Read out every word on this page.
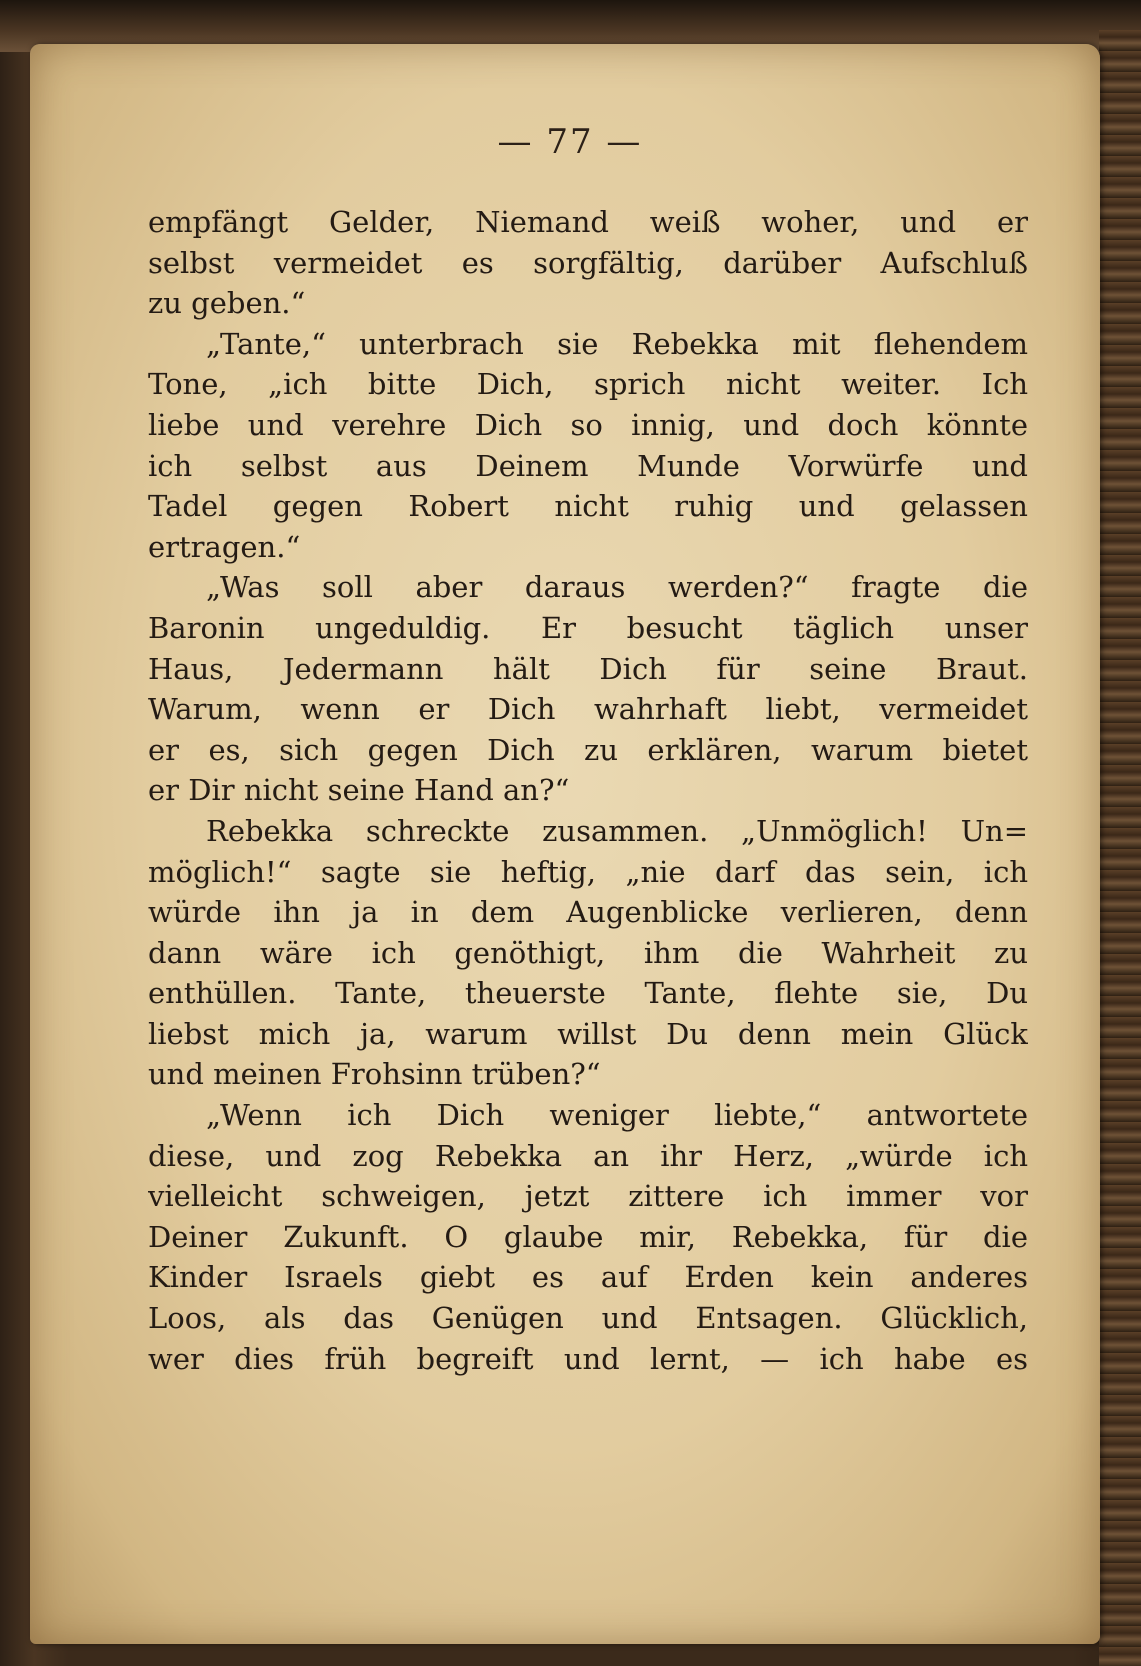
— 77 —
empfängt Gelder, Niemand weiß woher, und er
selbst vermeidet es sorgfältig, darüber Aufschluß
zu geben.“
„Tante,“ unterbrach sie Rebekka mit flehendem
Tone, „ich bitte Dich, sprich nicht weiter. Ich
liebe und verehre Dich so innig, und doch könnte
ich selbst aus Deinem Munde Vorwürfe und
Tadel gegen Robert nicht ruhig und gelassen
ertragen.“
„Was soll aber daraus werden?“ fragte die
Baronin ungeduldig. Er besucht täglich unser
Haus, Jedermann hält Dich für seine Braut.
Warum, wenn er Dich wahrhaft liebt, vermeidet
er es, sich gegen Dich zu erklären, warum bietet
er Dir nicht seine Hand an?“
Rebekka schreckte zusammen. „Unmöglich! Un=
möglich!“ sagte sie heftig, „nie darf das sein, ich
würde ihn ja in dem Augenblicke verlieren, denn
dann wäre ich genöthigt, ihm die Wahrheit zu
enthüllen. Tante, theuerste Tante, flehte sie, Du
liebst mich ja, warum willst Du denn mein Glück
und meinen Frohsinn trüben?“
„Wenn ich Dich weniger liebte,“ antwortete
diese, und zog Rebekka an ihr Herz, „würde ich
vielleicht schweigen, jetzt zittere ich immer vor
Deiner Zukunft. O glaube mir, Rebekka, für die
Kinder Israels giebt es auf Erden kein anderes
Loos, als das Genügen und Entsagen. Glücklich,
wer dies früh begreift und lernt, — ich habe es
